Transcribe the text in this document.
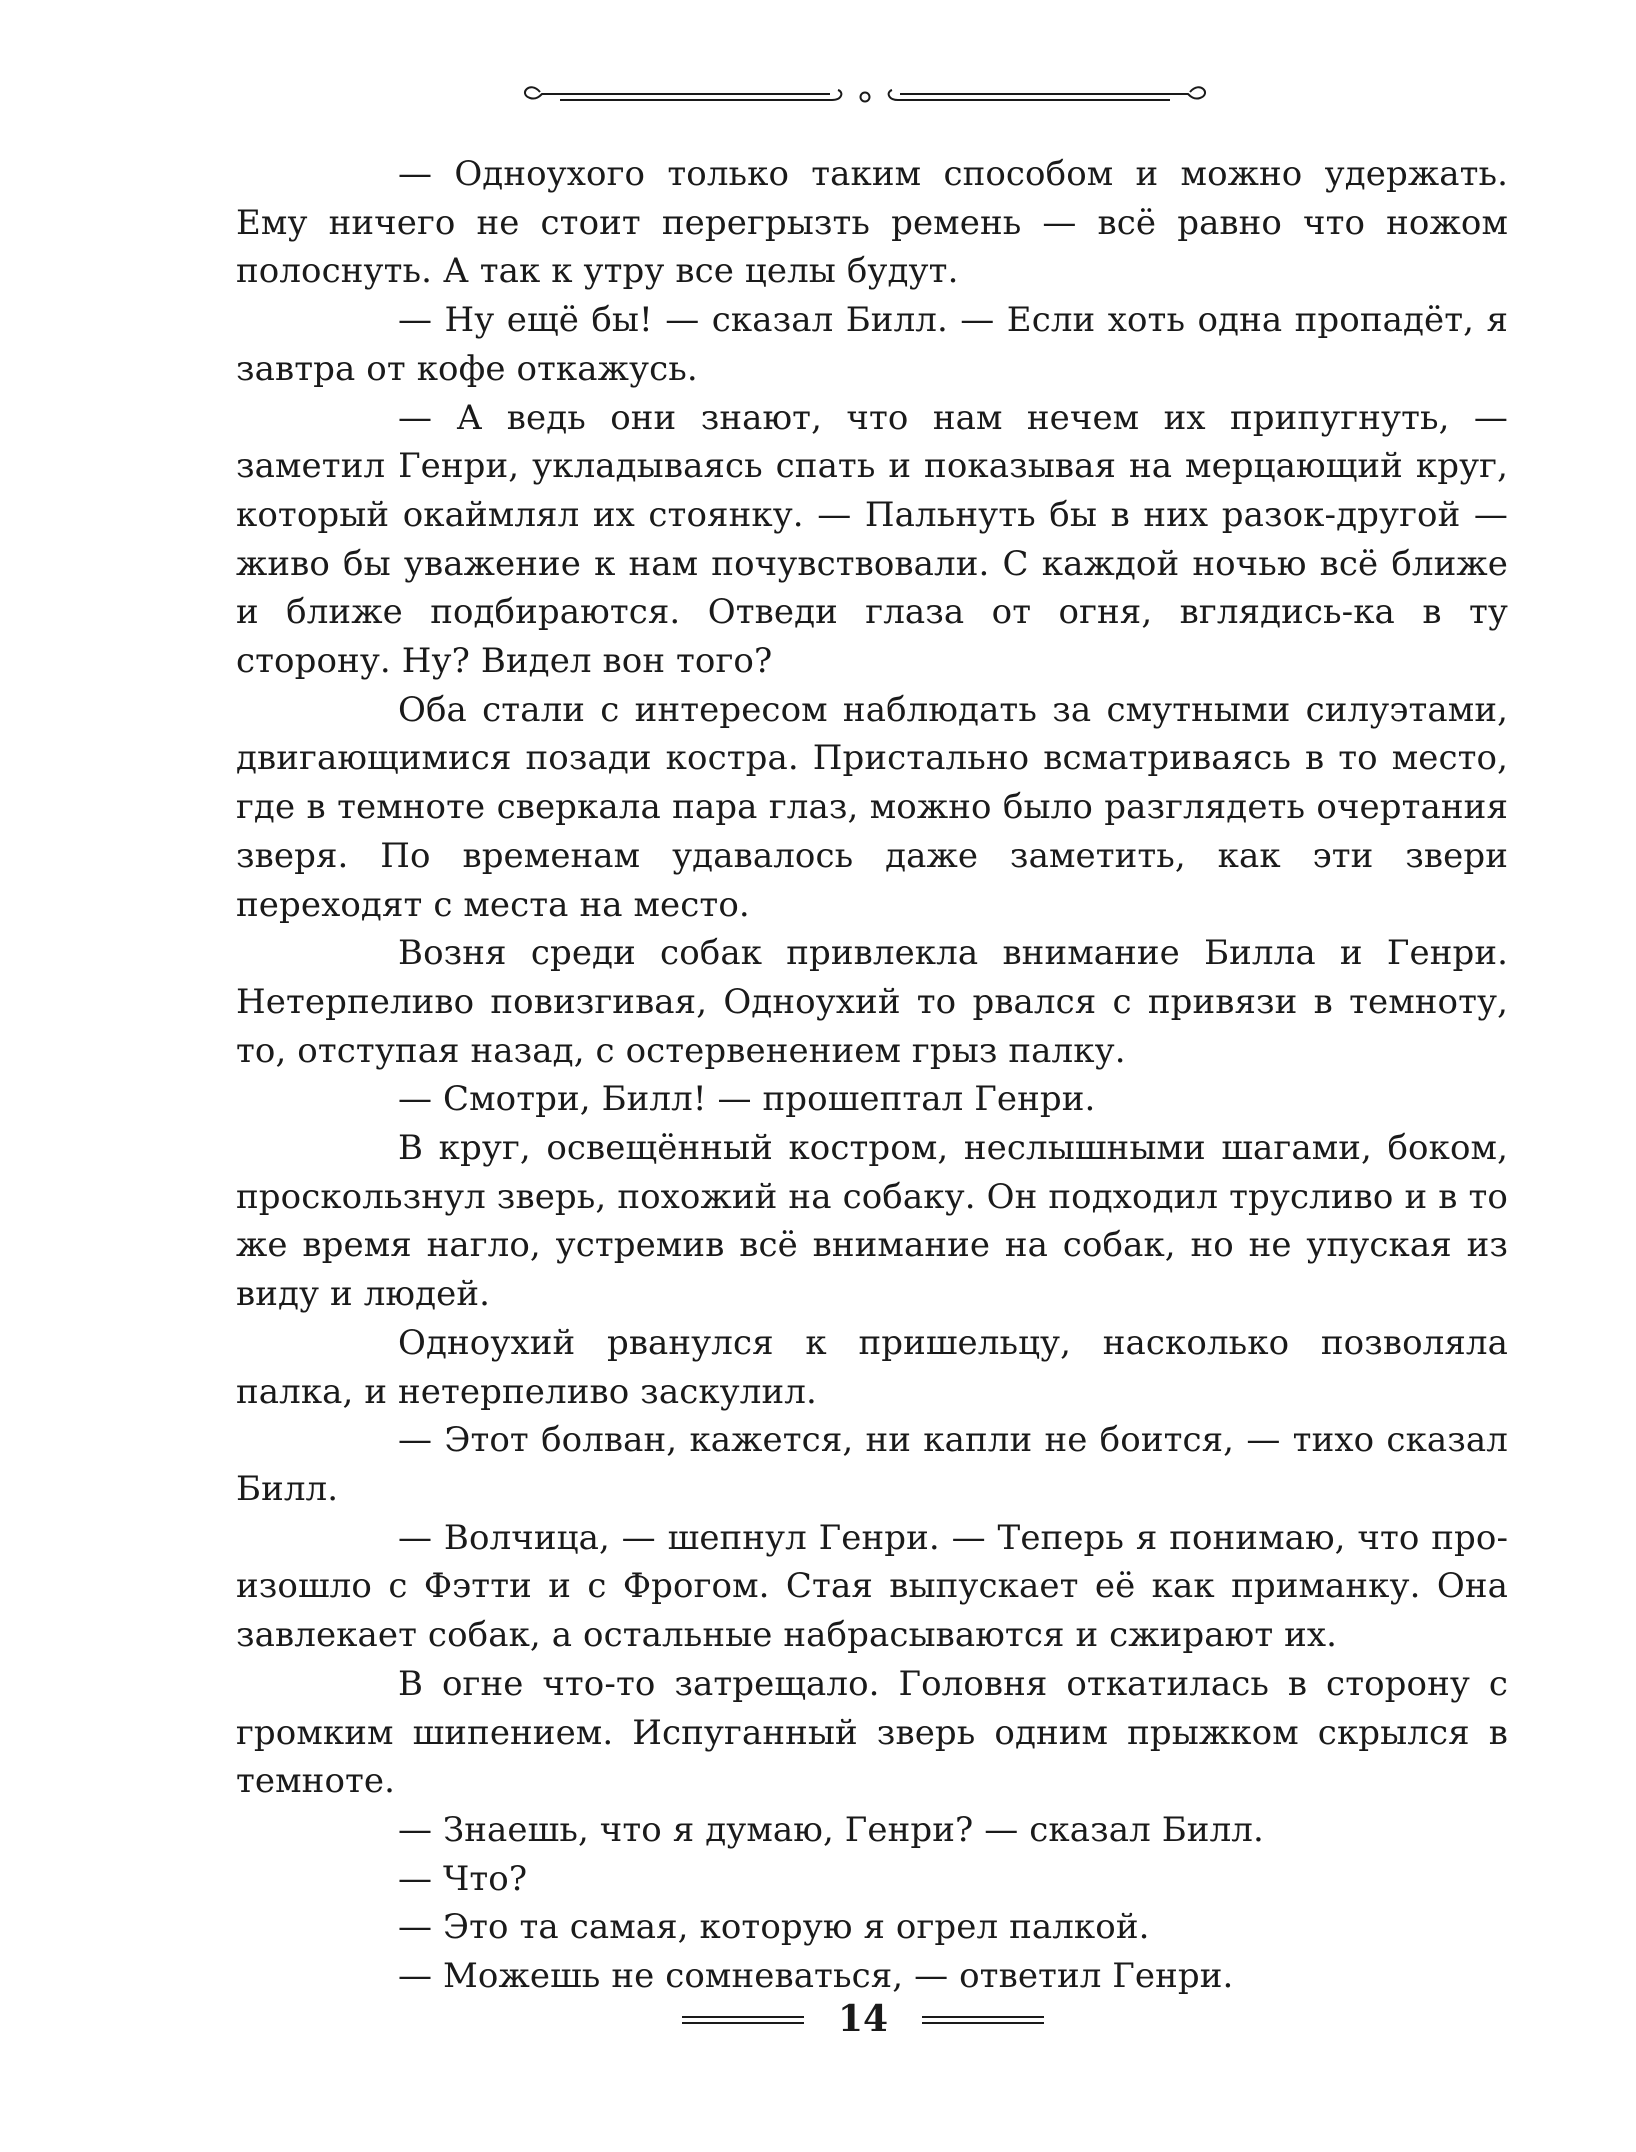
— Одноухого только таким способом и можно удержать. Ему ничего не стоит перегрызть ремень — всё равно что ножом полоснуть. А так к утру все целы будут.

— Ну ещё бы! — сказал Билл. — Если хоть одна пропадёт, я завтра от кофе откажусь.

— А ведь они знают, что нам нечем их припугнуть, — заметил Генри, укладываясь спать и показывая на мерцающий круг, который окаймлял их стоянку. — Пальнуть бы в них разок-другой — живо бы уважение к нам почувствовали. С каждой ночью всё ближе и ближе подбираются. Отведи глаза от огня, вглядись-ка в ту сторону. Ну? Видел вон того?

Оба стали с интересом наблюдать за смутными силуэтами, двигающимися позади костра. Пристально всматриваясь в то место, где в темноте сверкала пара глаз, можно было разглядеть очертания зверя. По временам удавалось даже заметить, как эти звери переходят с места на место.

Возня среди собак привлекла внимание Билла и Генри. Нетерпеливо повизгивая, Одноухий то рвался с привязи в темноту, то, отступая назад, с остервенением грыз палку.

— Смотри, Билл! — прошептал Генри.

В круг, освещённый костром, неслышными шагами, боком, проскользнул зверь, похожий на собаку. Он подходил трусливо и в то же время нагло, устремив всё внимание на собак, но не упуская из виду и людей.

Одноухий рванулся к пришельцу, насколько позволяла палка, и нетерпеливо заскулил.

— Этот болван, кажется, ни капли не боится, — тихо сказал Билл.

— Волчица, — шепнул Генри. — Теперь я понимаю, что произошло с Фэтти и с Фрогом. Стая выпускает её как приманку. Она завлекает собак, а остальные набрасываются и сжирают их.

В огне что-то затрещало. Головня откатилась в сторону с громким шипением. Испуганный зверь одним прыжком скрылся в темноте.

— Знаешь, что я думаю, Генри? — сказал Билл.

— Что?

— Это та самая, которую я огрел палкой.

— Можешь не сомневаться, — ответил Генри.

14
